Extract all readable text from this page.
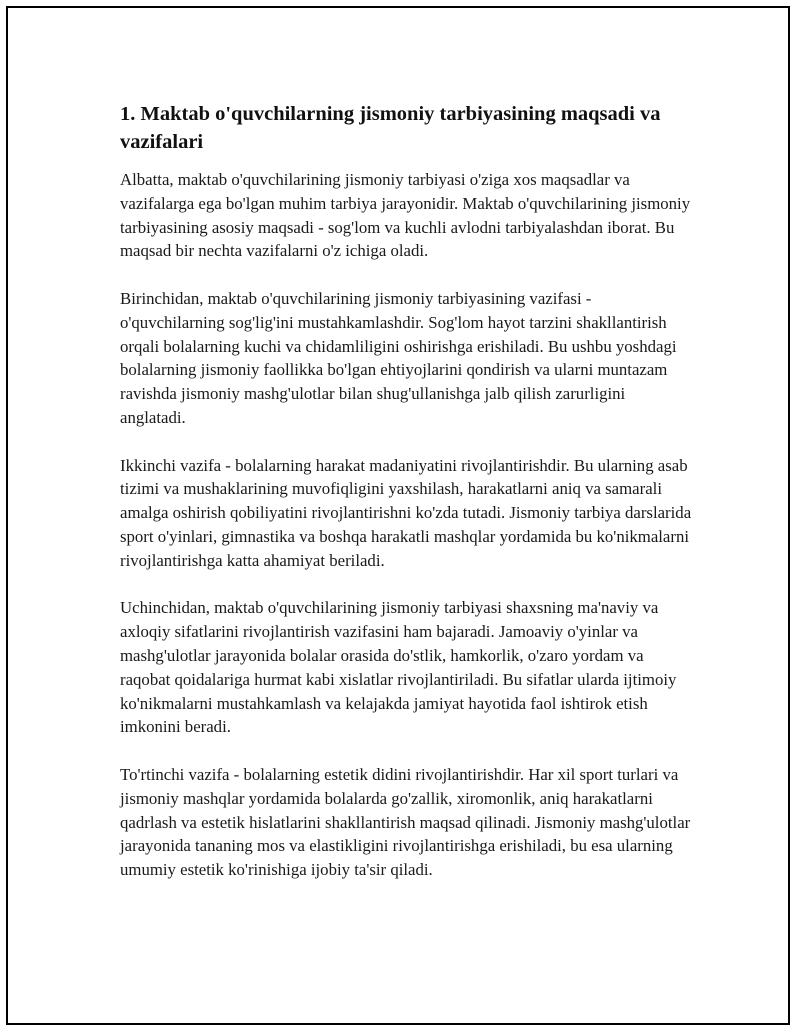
1. Maktab o'quvchilarning jismoniy tarbiyasining maqsadi va vazifalari

Albatta, maktab o'quvchilarining jismoniy tarbiyasi o'ziga xos maqsadlar va vazifalarga ega bo'lgan muhim tarbiya jarayonidir. Maktab o'quvchilarining jismoniy tarbiyasining asosiy maqsadi - sog'lom va kuchli avlodni tarbiyalashdan iborat. Bu maqsad bir nechta vazifalarni o'z ichiga oladi.

Birinchidan, maktab o'quvchilarining jismoniy tarbiyasining vazifasi - o'quvchilarning sog'lig'ini mustahkamlashdir. Sog'lom hayot tarzini shakllantirish orqali bolalarning kuchi va chidamliligini oshirishga erishiladi. Bu ushbu yoshdagi bolalarning jismoniy faollikka bo'lgan ehtiyojlarini qondirish va ularni muntazam ravishda jismoniy mashg'ulotlar bilan shug'ullanishga jalb qilish zarurligini anglatadi.

Ikkinchi vazifa - bolalarning harakat madaniyatini rivojlantirishdir. Bu ularning asab tizimi va mushaklarining muvofiqligini yaxshilash, harakatlarni aniq va samarali amalga oshirish qobiliyatini rivojlantirishni ko'zda tutadi. Jismoniy tarbiya darslarida sport o'yinlari, gimnastika va boshqa harakatli mashqlar yordamida bu ko'nikmalarni rivojlantirishga katta ahamiyat beriladi.

Uchinchidan, maktab o'quvchilarining jismoniy tarbiyasi shaxsning ma'naviy va axloqiy sifatlarini rivojlantirish vazifasini ham bajaradi. Jamoaviy o'yinlar va mashg'ulotlar jarayonida bolalar orasida do'stlik, hamkorlik, o'zaro yordam va raqobat qoidalariga hurmat kabi xislatlar rivojlantiriladi. Bu sifatlar ularda ijtimoiy ko'nikmalarni mustahkamlash va kelajakda jamiyat hayotida faol ishtirok etish imkonini beradi.

To'rtinchi vazifa - bolalarning estetik didini rivojlantirishdir. Har xil sport turlari va jismoniy mashqlar yordamida bolalarda go'zallik, xiromonlik, aniq harakatlarni qadrlash va estetik hislatlarini shakllantirish maqsad qilinadi. Jismoniy mashg'ulotlar jarayonida tananing mos va elastikligini rivojlantirishga erishiladi, bu esa ularning umumiy estetik ko'rinishiga ijobiy ta'sir qiladi.
